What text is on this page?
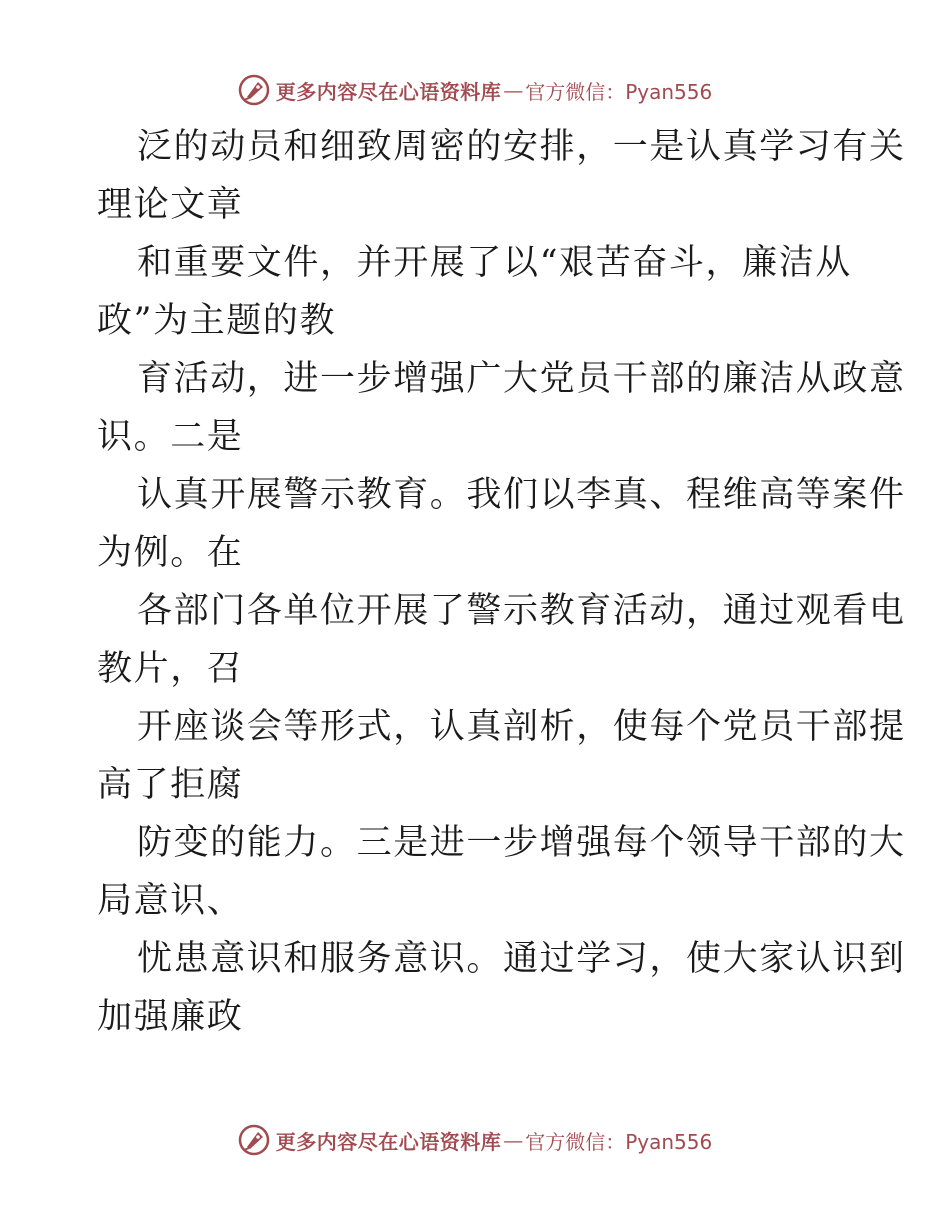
更多内容尽在心语资料库 — 官方微信：Pyan556
泛的动员和细致周密的安排，一是认真学习有关
理论文章
和重要文件，并开展了以“艰苦奋斗，廉洁从
政”为主题的教
育活动，进一步增强广大党员干部的廉洁从政意
识。二是
认真开展警示教育。我们以李真、程维高等案件
为例。在
各部门各单位开展了警示教育活动，通过观看电
教片，召
开座谈会等形式，认真剖析，使每个党员干部提
高了拒腐
防变的能力。三是进一步增强每个领导干部的大
局意识、
忧患意识和服务意识。通过学习，使大家认识到
加强廉政
更多内容尽在心语资料库 — 官方微信：Pyan556
